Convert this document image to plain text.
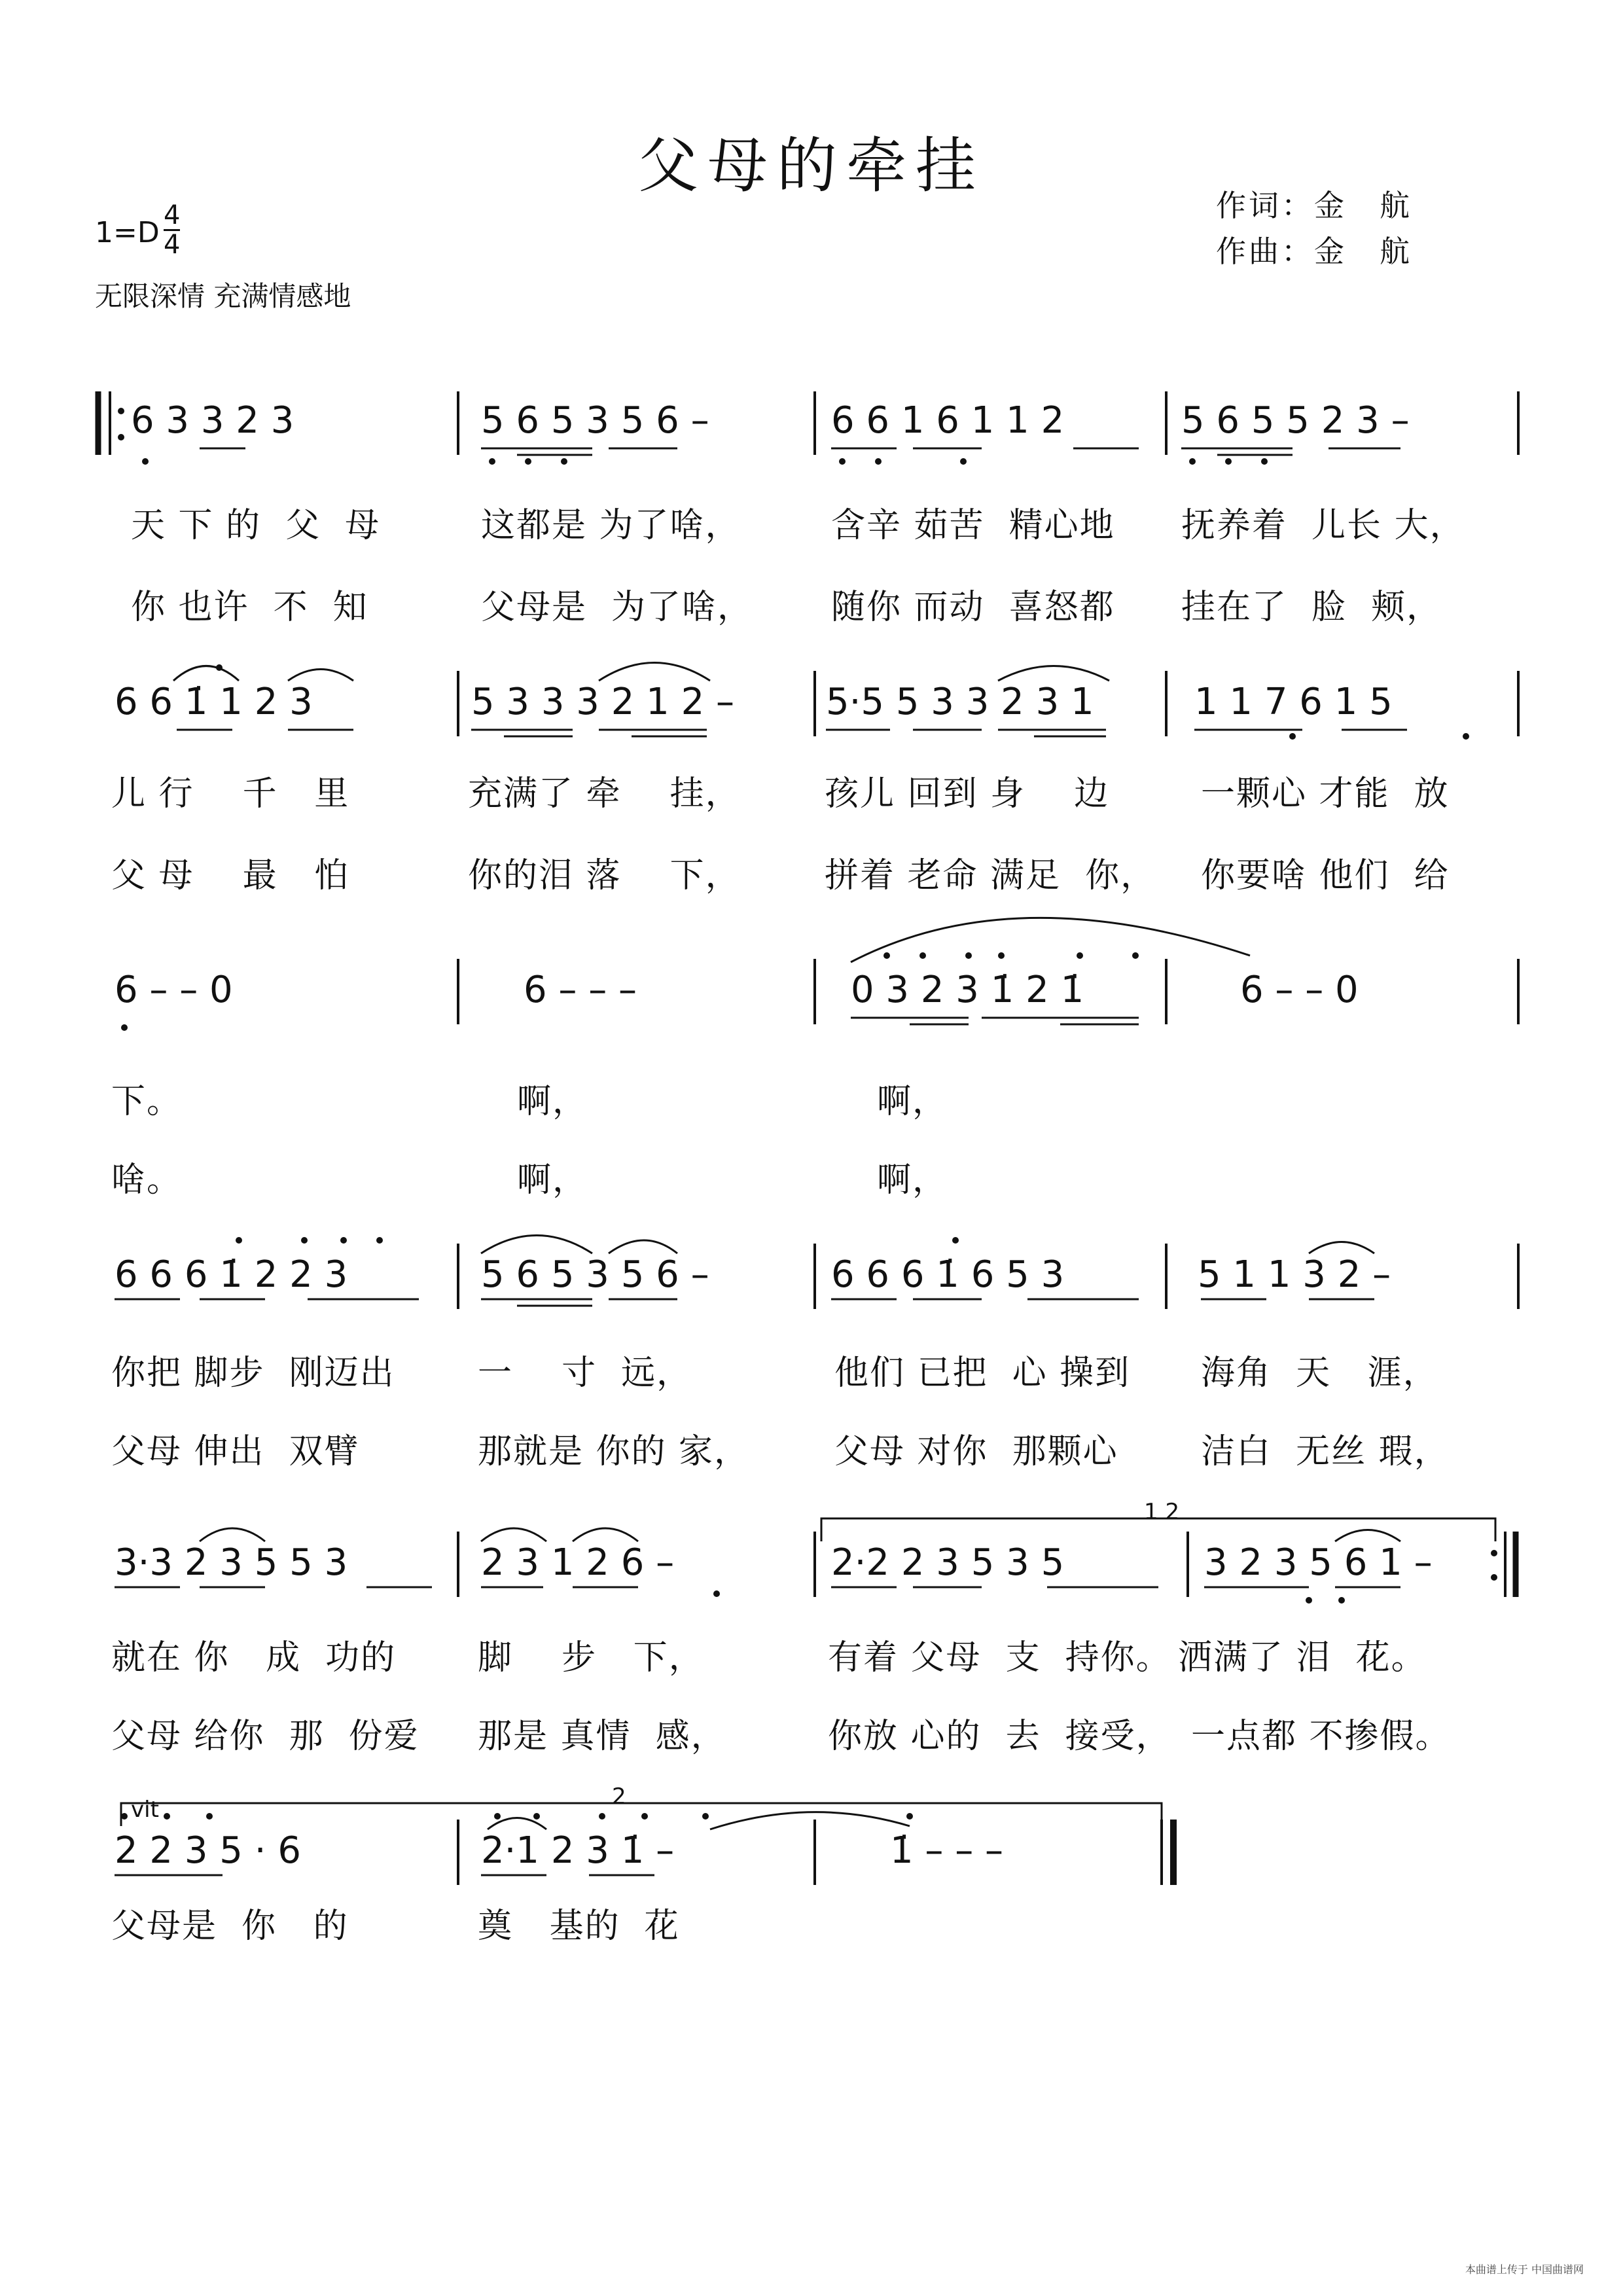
父母的牵挂
作词：金　航
作曲：金　航
$1=D \frac{4}{4}$
无限深情 充满情感地
6 3 3 2 3	5 6 5 3 5 6 –	6 6 1 6 1 1 2	5 6 5 5 2 3 –
天 下 的  父  母	这都是 为了啥，	含辛 茹苦  精心地 抚养着  儿长 大，
你 也许  不  知	父母是  为了啥， 随你 而动  喜怒都 挂在了  脸  颊，
6 6 1̇ 1 2 3	5 3 3 3 2 1 2 –	5·5 5 3 3 2 3 1	1 1 7 6 1 5
儿 行    千   里	充满了 牵    挂， 孩儿 回到 身    边	一颗心 才能  放
父 母    最   怕	你的泪 落    下， 拼着 老命 满足  你， 你要啥 他们  给
6 – – 0	6 – – –	0 3 2 3 1̇ 2 1̇	6 – – 0
下。	啊，	啊，
啥。	啊，	啊，
6 6 6 1̇ 2 2 3	5 6 5 3 5 6 –	6 6 6 1̇ 6 5 3	5 1 1 3 2 –
你把 脚步  刚迈出 一    寸  远，	他们 已把  心 操到 海角  天   涯，
父母 伸出  双臂	那就是 你的 家， 父母 对你  那颗心 洁白  无丝 瑕，
1 2
3·3 2 3 5 5 3	2 3 1 2 6 –	2·2 2 3 5 3 5	3 2 3 5 6 1 –
就在 你   成  功的 脚    步   下，	有着 父母  支  持你。 洒满了 泪  花。
父母 给你  那  份爱 那是 真情  感，	你放 心的  去  接受， 一点都 不掺假。
vit	2
2 2 3 5 · 6	2·1 2 3 1̇ –	1̇ – – –
父母是  你   的	奠   基的  花
本曲谱上传于 中国曲谱网
